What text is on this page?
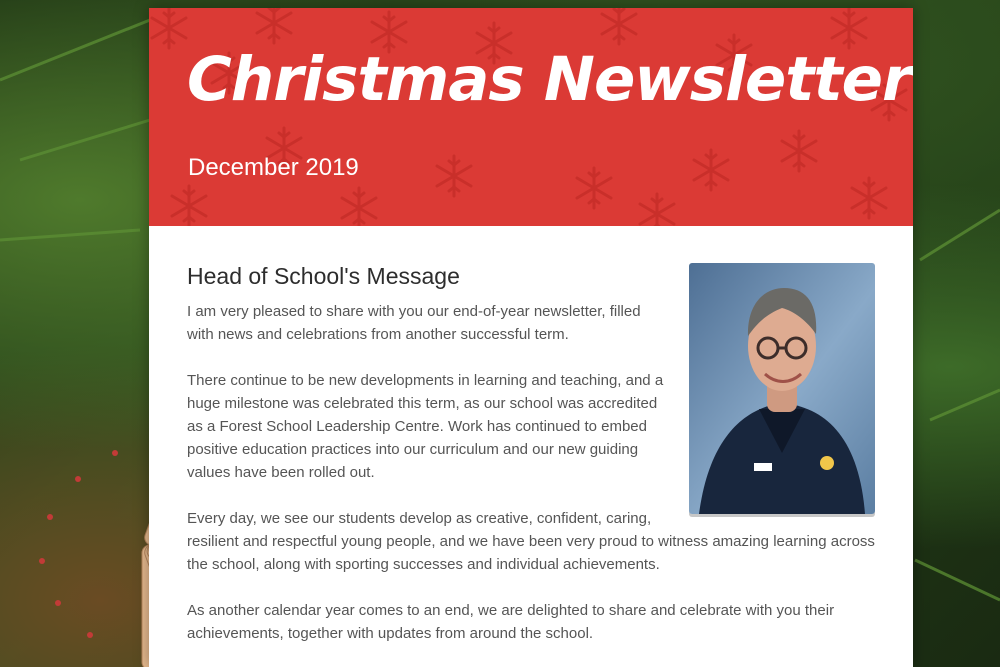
Christmas Newsletter
December 2019
Head of School's Message

I am very pleased to share with you our end-of-year newsletter, filled with news and celebrations from another successful term.

There continue to be new developments in learning and teaching, and a huge milestone was celebrated this term, as our school was accredited as a Forest School Leadership Centre. Work has continued to embed positive education practices into our curriculum and our new guiding values have been rolled out.

Every day, we see our students develop as creative, confident, caring, resilient and respectful young people, and we have been very proud to witness amazing learning across the school, along with sporting successes and individual achievements.

As another calendar year comes to an end, we are delighted to share and celebrate with you their achievements, together with updates from around the school.
